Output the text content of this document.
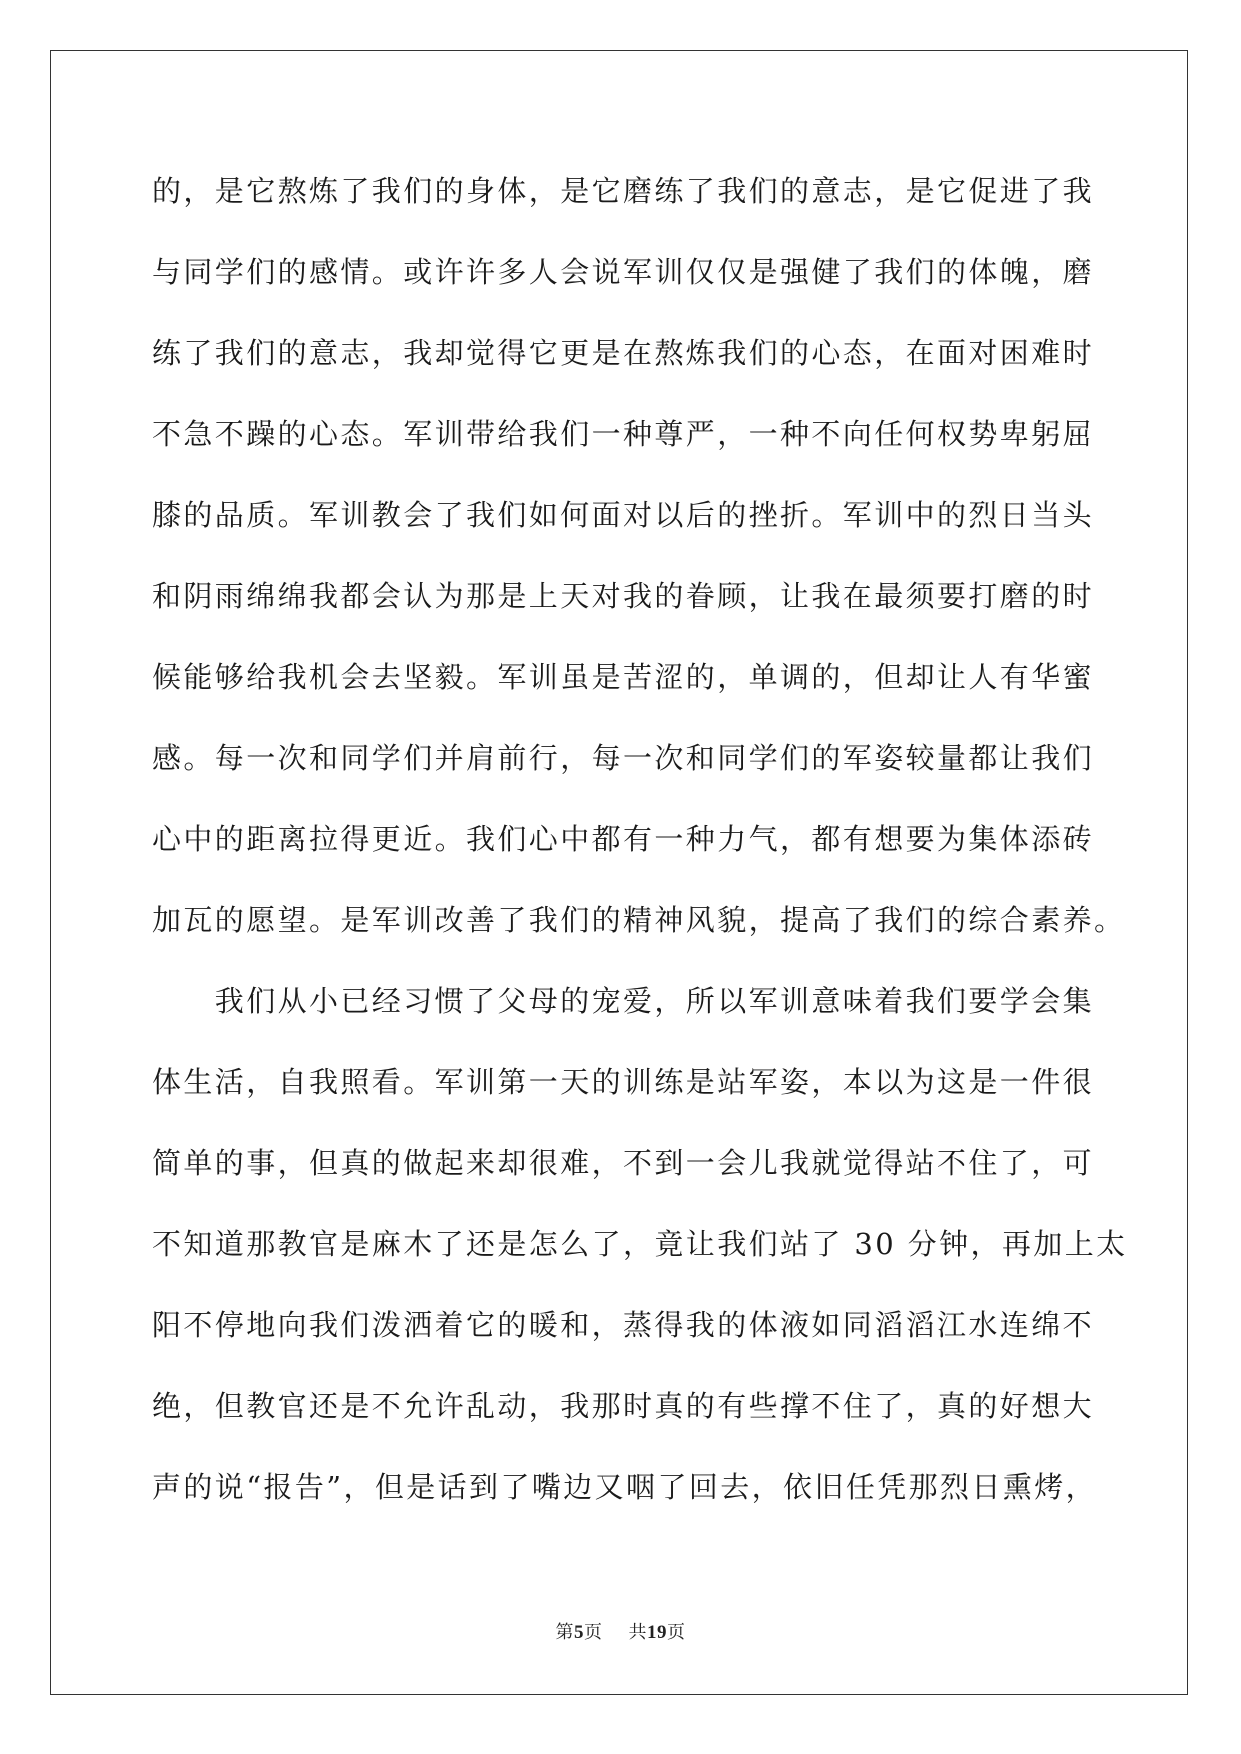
的，是它熬炼了我们的身体，是它磨练了我们的意志，是它促进了我
与同学们的感情。或许许多人会说军训仅仅是强健了我们的体魄，磨
练了我们的意志，我却觉得它更是在熬炼我们的心态，在面对困难时
不急不躁的心态。军训带给我们一种尊严，一种不向任何权势卑躬屈
膝的品质。军训教会了我们如何面对以后的挫折。军训中的烈日当头
和阴雨绵绵我都会认为那是上天对我的眷顾，让我在最须要打磨的时
候能够给我机会去坚毅。军训虽是苦涩的，单调的，但却让人有华蜜
感。每一次和同学们并肩前行，每一次和同学们的军姿较量都让我们
心中的距离拉得更近。我们心中都有一种力气，都有想要为集体添砖
加瓦的愿望。是军训改善了我们的精神风貌，提高了我们的综合素养。
　　我们从小已经习惯了父母的宠爱，所以军训意味着我们要学会集
体生活，自我照看。军训第一天的训练是站军姿，本以为这是一件很
简单的事，但真的做起来却很难，不到一会儿我就觉得站不住了，可
不知道那教官是麻木了还是怎么了，竟让我们站了 30 分钟，再加上太
阳不停地向我们泼洒着它的暖和，蒸得我的体液如同滔滔江水连绵不
绝，但教官还是不允许乱动，我那时真的有些撑不住了，真的好想大
声的说“报告”，但是话到了嘴边又咽了回去，依旧任凭那烈日熏烤，
第5页 共19页
